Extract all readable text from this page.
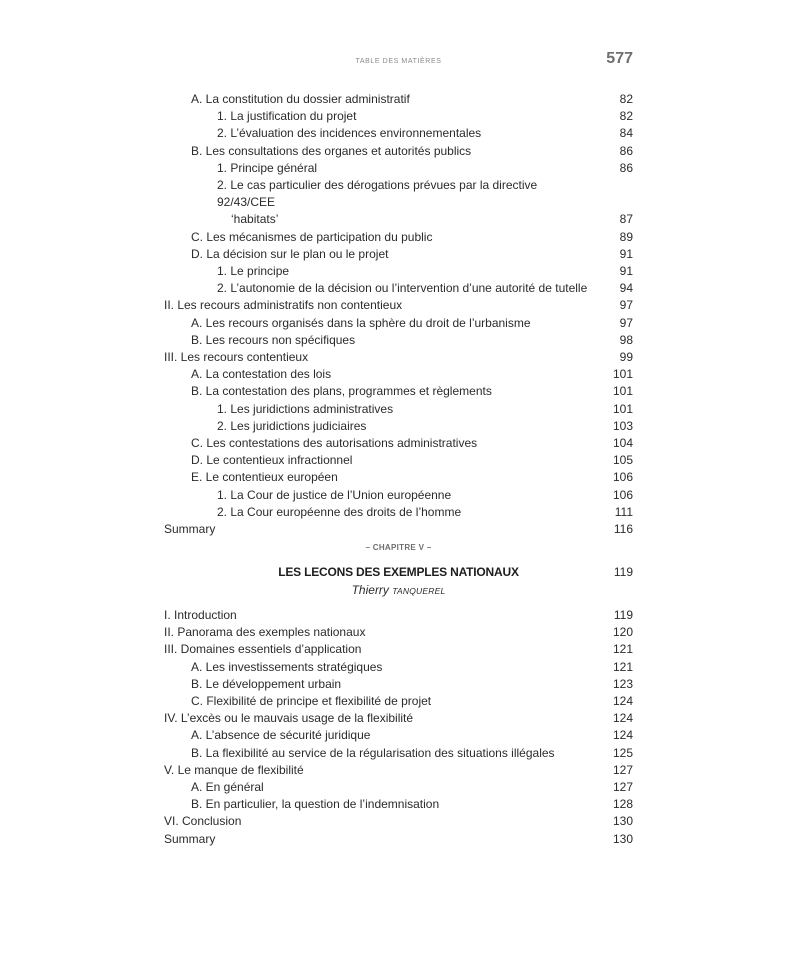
TABLE DES MATIÈRES	577
A. La constitution du dossier administratif	82
1. La justification du projet	82
2. L’évaluation des incidences environnementales	84
B. Les consultations des organes et autorités publics	86
1. Principe général	86
2. Le cas particulier des dérogations prévues par la directive 92/43/CEE
‘habitats’	87
C. Les mécanismes de participation du public	89
D. La décision sur le plan ou le projet	91
1. Le principe	91
2. L’autonomie de la décision ou l’intervention d’une autorité de tutelle	94
II. Les recours administratifs non contentieux	97
A. Les recours organisés dans la sphère du droit de l’urbanisme	97
B. Les recours non spécifiques	98
III. Les recours contentieux	99
A. La contestation des lois	101
B. La contestation des plans, programmes et règlements	101
1. Les juridictions administratives	101
2. Les juridictions judiciaires	103
C. Les contestations des autorisations administratives	104
D. Le contentieux infractionnel	105
E. Le contentieux européen	106
1. La Cour de justice de l’Union européenne	106
2. La Cour européenne des droits de l’homme	111
Summary	116
– CHAPITRE V –
LES LECONS DES EXEMPLES NATIONAUX	119
Thierry TANQUEREL
I. Introduction	119
II. Panorama des exemples nationaux	120
III. Domaines essentiels d’application	121
A. Les investissements stratégiques	121
B. Le développement urbain	123
C. Flexibilité de principe et flexibilité de projet	124
IV. L’excès ou le mauvais usage de la flexibilité	124
A. L’absence de sécurité juridique	124
B. La flexibilité au service de la régularisation des situations illégales	125
V. Le manque de flexibilité	127
A. En général	127
B. En particulier, la question de l’indemnisation	128
VI. Conclusion	130
Summary	130
